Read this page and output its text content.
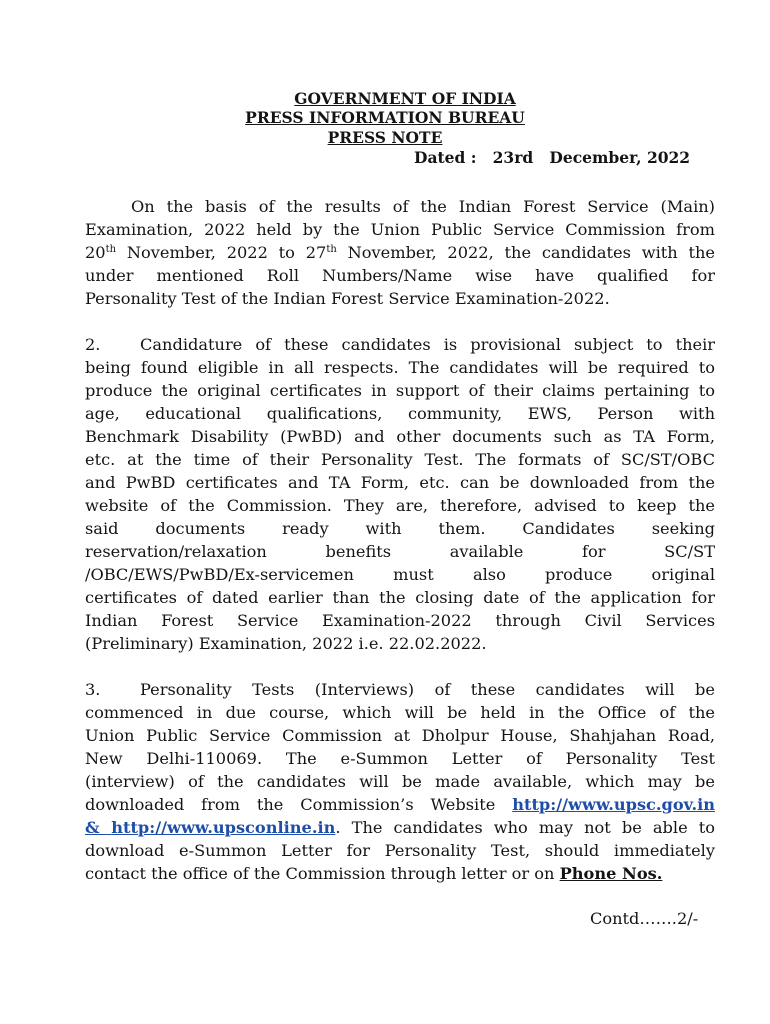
GOVERNMENT OF INDIA
PRESS INFORMATION BUREAU
PRESS NOTE
Dated :   23rd   December, 2022
On the basis of the results of the Indian Forest Service (Main)
Examination, 2022 held by the Union Public Service Commission from
20th November, 2022 to 27th November, 2022, the candidates with the
under mentioned Roll Numbers/Name wise have qualified for
Personality Test of the Indian Forest Service Examination-2022.
2. Candidature of these candidates is provisional subject to their
being found eligible in all respects. The candidates will be required to
produce the original certificates in support of their claims pertaining to
age, educational qualifications, community, EWS, Person with
Benchmark Disability (PwBD) and other documents such as TA Form,
etc. at the time of their Personality Test. The formats of SC/ST/OBC
and PwBD certificates and TA Form, etc. can be downloaded from the
website of the Commission. They are, therefore, advised to keep the
said documents ready with them. Candidates seeking
reservation/relaxation benefits available for SC/ST
/OBC/EWS/PwBD/Ex-servicemen must also produce original
certificates of dated earlier than the closing date of the application for
Indian Forest Service Examination-2022 through Civil Services
(Preliminary) Examination, 2022 i.e. 22.02.2022.
3. Personality Tests (Interviews) of these candidates will be
commenced in due course, which will be held in the Office of the
Union Public Service Commission at Dholpur House, Shahjahan Road,
New Delhi-110069. The e-Summon Letter of Personality Test
(interview) of the candidates will be made available, which may be
downloaded from the Commission’s Website http://www.upsc.gov.in
& http://www.upsconline.in. The candidates who may not be able to
download e-Summon Letter for Personality Test, should immediately
contact the office of the Commission through letter or on Phone Nos.
Contd…….2/-
